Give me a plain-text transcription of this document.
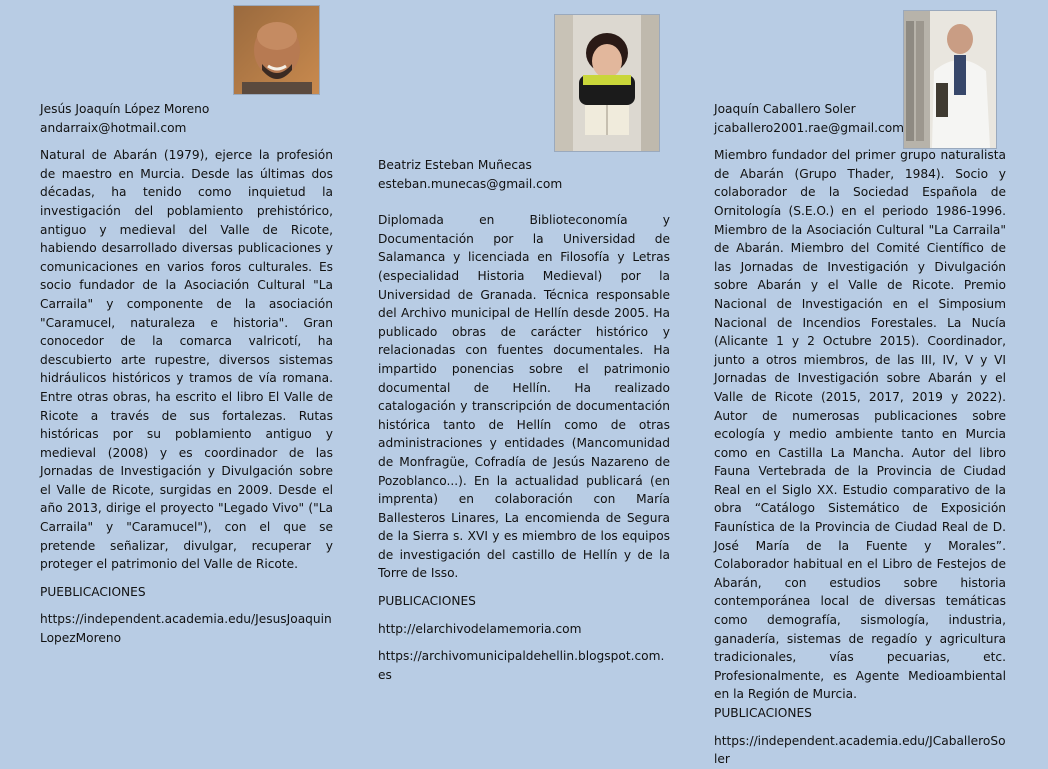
Jesús Joaquín López Moreno

andarraix@hotmail.com

Natural de Abarán (1979), ejerce la profesión de maestro en Murcia. Desde las últimas dos décadas, ha tenido como inquietud la investigación del poblamiento prehistórico, antiguo y medieval del Valle de Ricote, habiendo desarrollado diversas publicaciones y comunicaciones en varios foros culturales. Es socio fundador de la Asociación Cultural "La Carraila" y componente de la asociación "Caramucel, naturaleza e historia". Gran conocedor de la comarca valricotí, ha descubierto arte rupestre, diversos sistemas hidráulicos históricos y tramos de vía romana. Entre otras obras, ha escrito el libro El Valle de Ricote a través de sus fortalezas. Rutas históricas por su poblamiento antiguo y medieval (2008) y es coordinador de las Jornadas de Investigación y Divulgación sobre el Valle de Ricote, surgidas en 2009. Desde el año 2013, dirige el proyecto "Legado Vivo" ("La Carraila" y "Caramucel"), con el que se pretende señalizar, divulgar, recuperar y proteger el patrimonio del Valle de Ricote.

PUEBLICACIONES

https://independent.academia.edu/JesusJoaquinLopezMoreno

Beatriz Esteban Muñecas

esteban.munecas@gmail.com

Diplomada en Biblioteconomía y Documentación por la Universidad de Salamanca y licenciada en Filosofía y Letras (especialidad Historia Medieval) por la Universidad de Granada. Técnica responsable del Archivo municipal de Hellín desde 2005. Ha publicado obras de carácter histórico y relacionadas con fuentes documentales. Ha impartido ponencias sobre el patrimonio documental de Hellín. Ha realizado catalogación y transcripción de documentación histórica tanto de Hellín como de otras administraciones y entidades (Mancomunidad de Monfragüe, Cofradía de Jesús Nazareno de Pozoblanco...). En la actualidad publicará (en imprenta) en colaboración con María Ballesteros Linares, La encomienda de Segura de la Sierra s. XVI y es miembro de los equipos de investigación del castillo de Hellín y de la Torre de Isso.

PUBLICACIONES

http://elarchivodelamemoria.com

https://archivomunicipaldehellin.blogspot.com.es

Joaquín Caballero Soler

jcaballero2001.rae@gmail.com

Miembro fundador del primer grupo naturalista de Abarán (Grupo Thader, 1984). Socio y colaborador de la Sociedad Española de Ornitología (S.E.O.) en el periodo 1986-1996. Miembro de la Asociación Cultural "La Carraila" de Abarán. Miembro del Comité Científico de las Jornadas de Investigación y Divulgación sobre Abarán y el Valle de Ricote. Premio Nacional de Investigación en el Simposium Nacional de Incendios Forestales. La Nucía (Alicante 1 y 2 Octubre 2015). Coordinador, junto a otros miembros, de las III, IV, V y VI Jornadas de Investigación sobre Abarán y el Valle de Ricote (2015, 2017, 2019 y 2022). Autor de numerosas publicaciones sobre ecología y medio ambiente tanto en Murcia como en Castilla La Mancha. Autor del libro Fauna Vertebrada de la Provincia de Ciudad Real en el Siglo XX. Estudio comparativo de la obra “Catálogo Sistemático de Exposición Faunística de la Provincia de Ciudad Real de D. José María de la Fuente y Morales”. Colaborador habitual en el Libro de Festejos de Abarán, con estudios sobre historia contemporánea local de diversas temáticas como demografía, sismología, industria, ganadería, sistemas de regadío y agricultura tradicionales, vías pecuarias, etc. Profesionalmente, es Agente Medioambiental en la Región de Murcia.

PUBLICACIONES

https://independent.academia.edu/JCaballeroSoler
